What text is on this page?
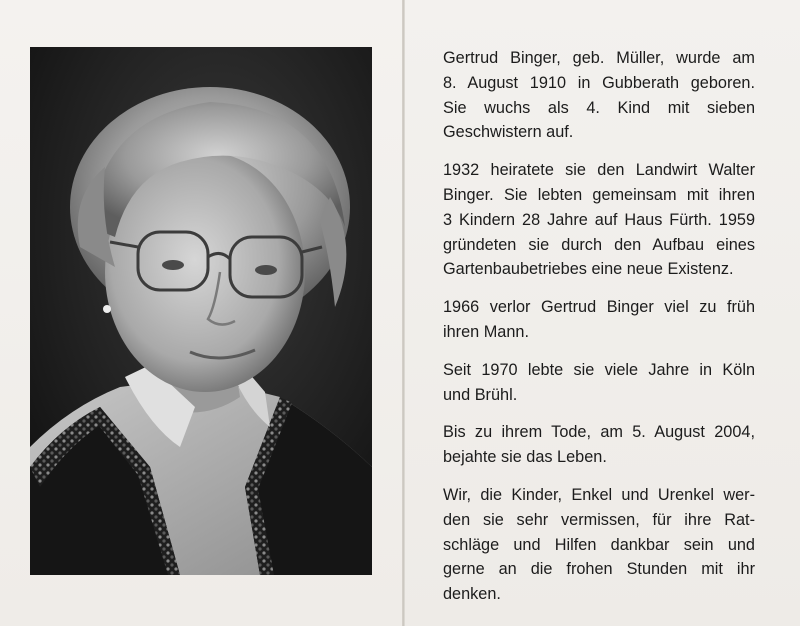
Gertrud Binger, geb. Müller, wurde am
8. August 1910 in Gubberath geboren.
Sie wuchs als 4. Kind mit sieben
Geschwistern auf.

1932 heiratete sie den Landwirt Walter
Binger. Sie lebten gemeinsam mit ihren
3 Kindern 28 Jahre auf Haus Fürth. 1959
gründeten sie durch den Aufbau eines
Gartenbaubetriebes eine neue Existenz.

1966 verlor Gertrud Binger viel zu früh
ihren Mann.

Seit 1970 lebte sie viele Jahre in Köln
und Brühl.

Bis zu ihrem Tode, am 5. August 2004,
bejahte sie das Leben.

Wir, die Kinder, Enkel und Urenkel wer-
den sie sehr vermissen, für ihre Rat-
schläge und Hilfen dankbar sein und
gerne an die frohen Stunden mit ihr
denken.
